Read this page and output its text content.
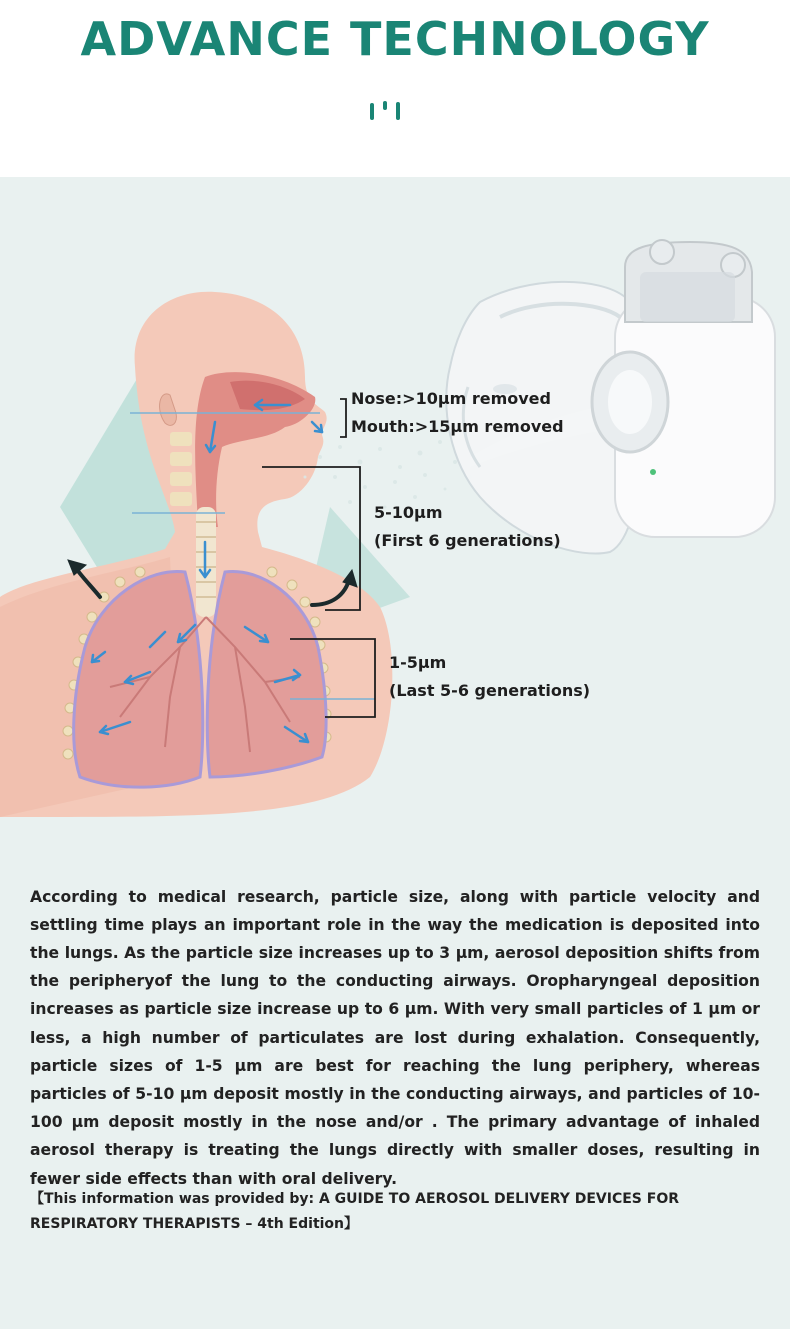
ADVANCE TECHNOLOGY
Nose:>10μm removed
Mouth:>15μm removed
5-10μm
(First 6 generations)
1-5μm
(Last 5-6 generations)

According to medical research, particle size, along with particle velocity and settling time plays an important role in the way the medication is deposited into the lungs. As the particle size increases up to 3 μm, aerosol deposition shifts from the peripheryof the lung to the conducting airways. Oropharyngeal deposition increases as particle size increase up to 6 μm. With very small particles of 1 μm or less, a high number of particulates are lost during exhalation. Consequently, particle sizes of 1-5 μm are best for reaching the lung periphery, whereas particles of 5-10 μm deposit mostly in the conducting airways, and particles of 10-100 μm deposit mostly in the nose and/or . The primary advantage of inhaled aerosol therapy is treating the lungs directly with smaller doses, resulting in fewer side effects than with oral delivery.

【This information was provided by: A GUIDE TO AEROSOL DELIVERY DEVICES FOR RESPIRATORY THERAPISTS – 4th Edition】
